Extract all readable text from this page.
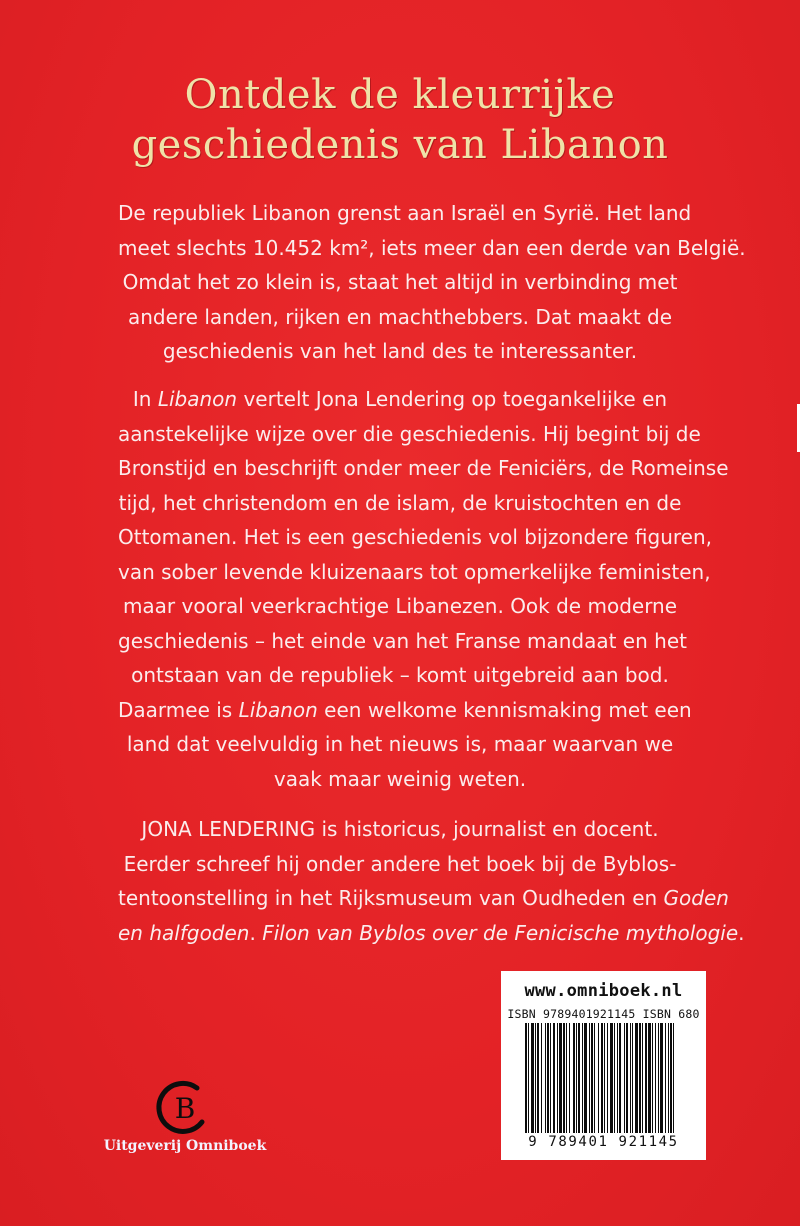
Ontdek de kleurrijke
geschiedenis van Libanon
De republiek Libanon grenst aan Israël en Syrië. Het land
meet slechts 10.452 km², iets meer dan een derde van België.
Omdat het zo klein is, staat het altijd in verbinding met
andere landen, rijken en machthebbers. Dat maakt de
geschiedenis van het land des te interessanter.
In Libanon vertelt Jona Lendering op toegankelijke en
aanstekelijke wijze over die geschiedenis. Hij begint bij de
Bronstijd en beschrijft onder meer de Feniciërs, de Romeinse
tijd, het christendom en de islam, de kruistochten en de
Ottomanen. Het is een geschiedenis vol bijzondere figuren,
van sober levende kluizenaars tot opmerkelijke feministen,
maar vooral veerkrachtige Libanezen. Ook de moderne
geschiedenis – het einde van het Franse mandaat en het
ontstaan van de republiek – komt uitgebreid aan bod.
Daarmee is Libanon een welkome kennismaking met een
land dat veelvuldig in het nieuws is, maar waarvan we
vaak maar weinig weten.
JONA LENDERING is historicus, journalist en docent.
Eerder schreef hij onder andere het boek bij de Byblos-
tentoonstelling in het Rijksmuseum van Oudheden en Goden
en halfgoden. Filon van Byblos over de Fenicische mythologie.
www.omniboek.nl
ISBN 9789401921145 ISBN 680
9 789401 921145
B
Uitgeverij Omniboek
